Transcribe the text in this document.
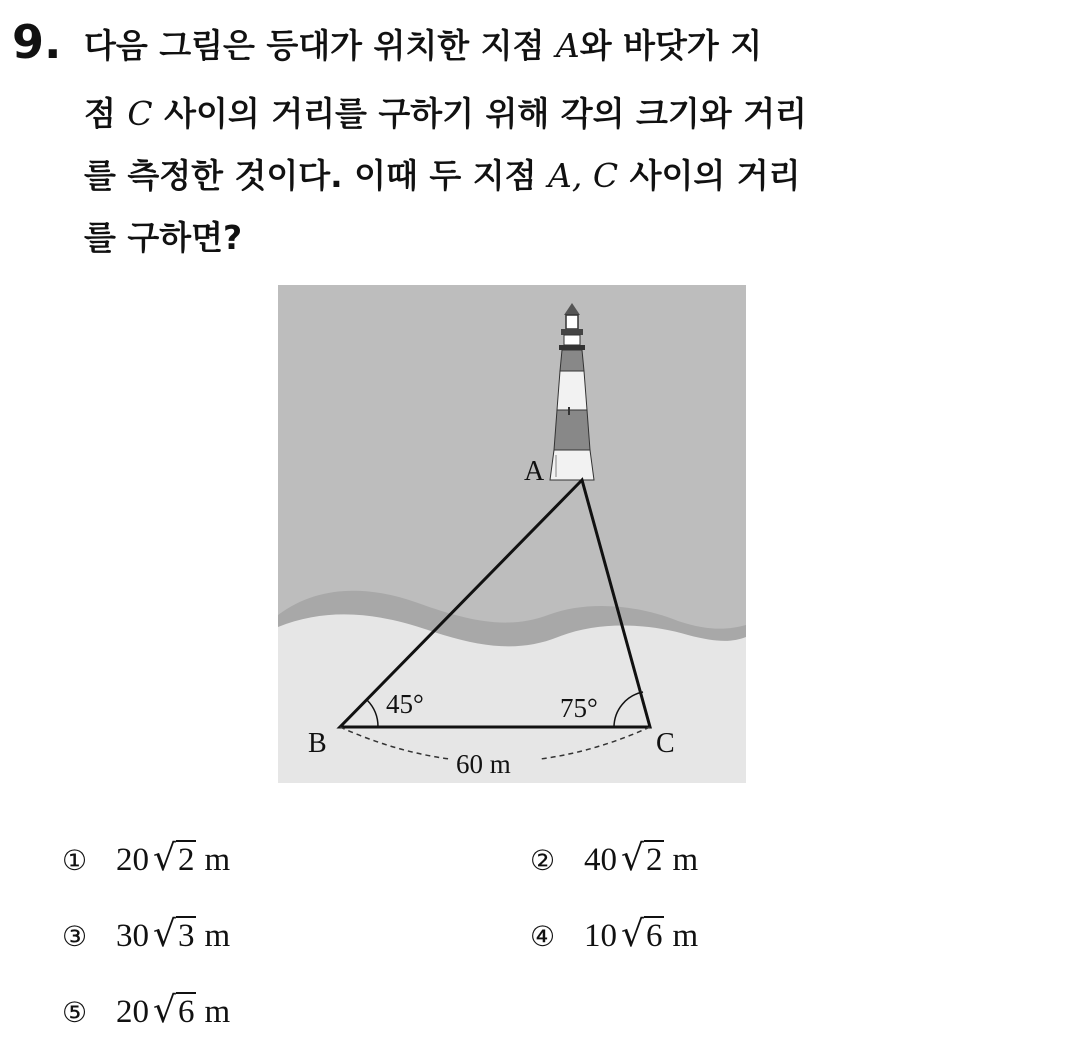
9. 다음 그림은 등대가 위치한 지점 A와 바닷가 지
점 C 사이의 거리를 구하기 위해 각의 크기와 거리
를 측정한 것이다. 이때 두 지점 A, C 사이의 거리
를 구하면?
A
B	C
45°	75°
60 m
① 20 √2 m	② 40 √2 m
③ 30 √3 m	④ 10 √6 m
⑤ 20 √6 m
